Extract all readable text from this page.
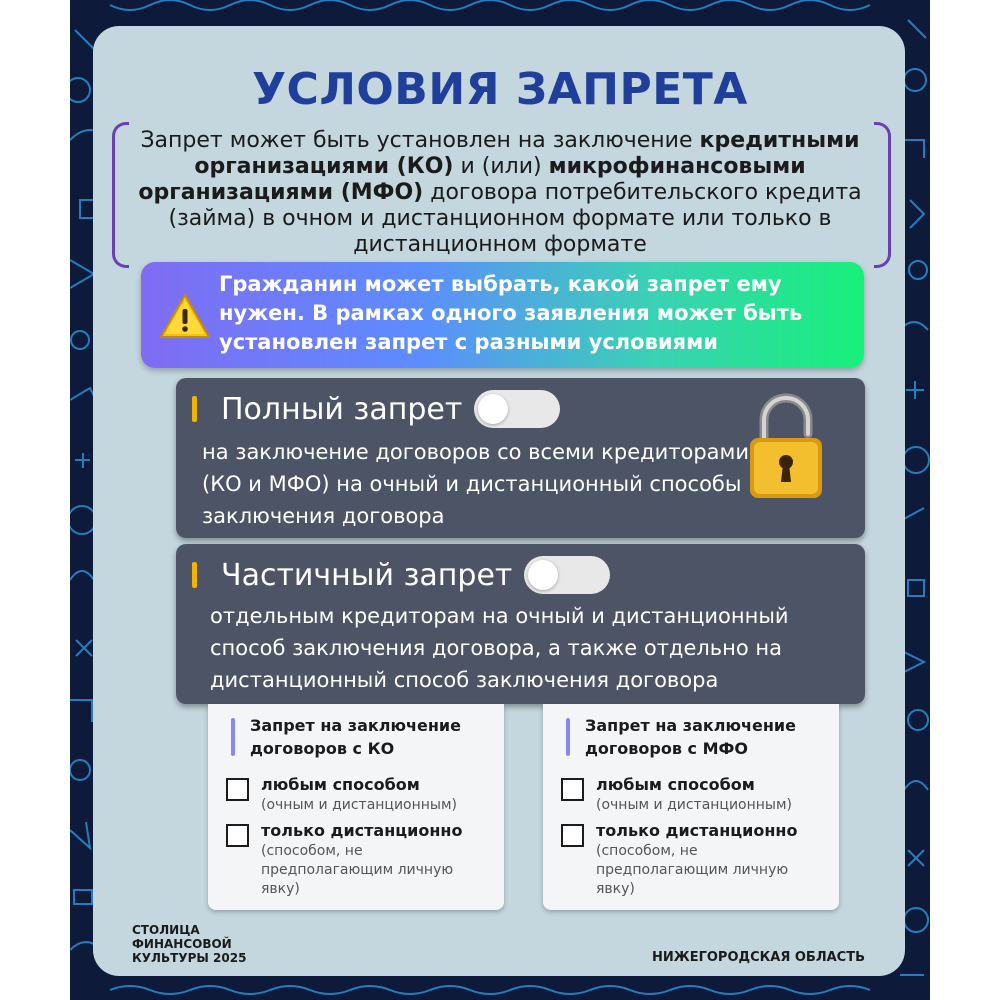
УСЛОВИЯ ЗАПРЕТА
Запрет может быть установлен на заключение кредитными организациями (КО) и (или) микрофинансовыми организациями (МФО) договора потребительского кредита (займа) в очном и дистанционном формате или только в дистанционном формате
Гражданин может выбрать, какой запрет ему нужен. В рамках одного заявления может быть установлен запрет с разными условиями
Полный запрет
на заключение договоров со всеми кредиторами (КО и МФО) на очный и дистанционный способы заключения договора
Частичный запрет
отдельным кредиторам на очный и дистанционный способ заключения договора, а также отдельно на дистанционный способ заключения договора
Запрет на заключение договоров с КО
любым способом
(очным и дистанционным)
только дистанционно
(способом, не предполагающим личную явку)
Запрет на заключение договоров с МФО
любым способом
(очным и дистанционным)
только дистанционно
(способом, не предполагающим личную явку)
СТОЛИЦА
ФИНАНСОВОЙ
КУЛЬТУРЫ 2025	НИЖЕГОРОДСКАЯ ОБЛАСТЬ
